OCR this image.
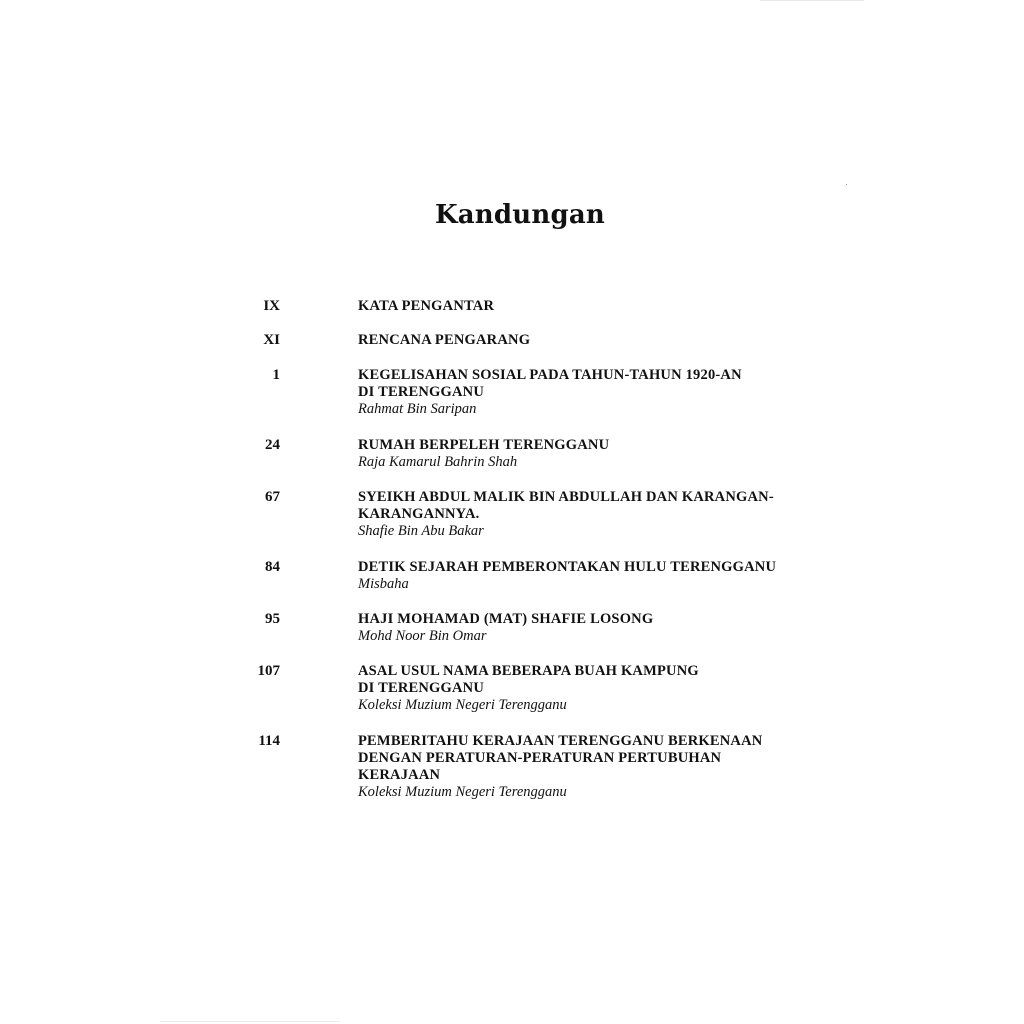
Kandungan
IX	KATA PENGANTAR
XI	RENCANA PENGARANG
1	KEGELISAHAN SOSIAL PADA TAHUN-TAHUN 1920-AN
DI TERENGGANU
Rahmat Bin Saripan
24	RUMAH BERPELEH TERENGGANU
Raja Kamarul Bahrin Shah
67	SYEIKH ABDUL MALIK BIN ABDULLAH DAN KARANGAN-
KARANGANNYA.
Shafie Bin Abu Bakar
84	DETIK SEJARAH PEMBERONTAKAN HULU TERENGGANU
Misbaha
95	HAJI MOHAMAD (MAT) SHAFIE LOSONG
Mohd Noor Bin Omar
107	ASAL USUL NAMA BEBERAPA BUAH KAMPUNG
DI TERENGGANU
Koleksi Muzium Negeri Terengganu
114	PEMBERITAHU KERAJAAN TERENGGANU BERKENAAN
DENGAN PERATURAN-PERATURAN PERTUBUHAN
KERAJAAN
Koleksi Muzium Negeri Terengganu
